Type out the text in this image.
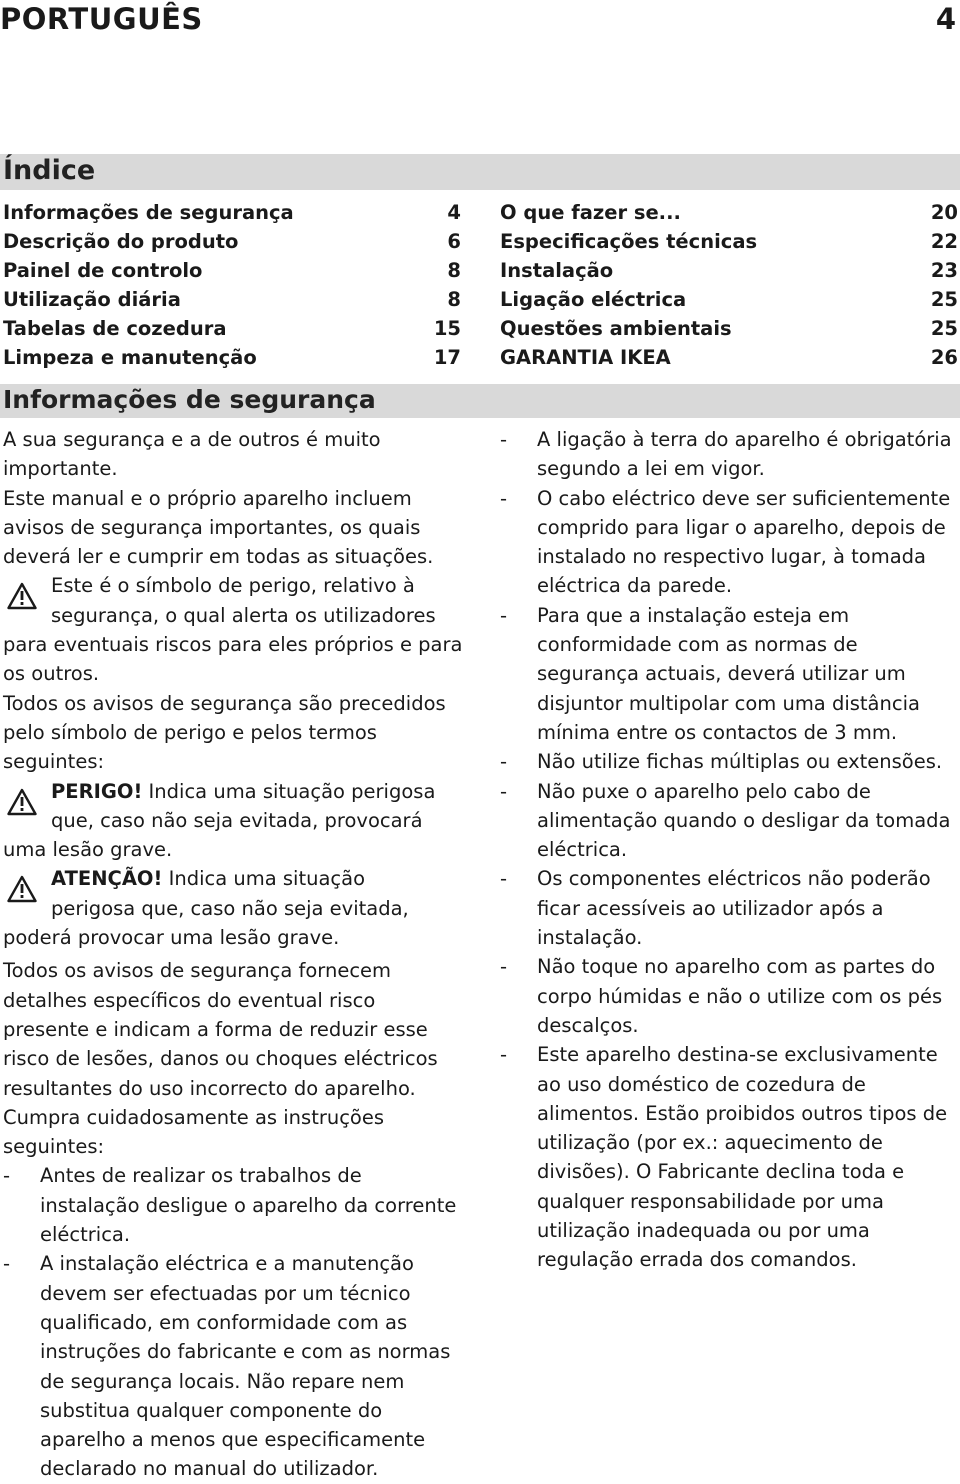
PORTUGUÊS	4
Índice
Informações de segurança	4
Descrição do produto	6
Painel de controlo	8
Utilização diária	8
Tabelas de cozedura	15
Limpeza e manutenção	17
O que fazer se...	20
Especificações técnicas	22
Instalação	23
Ligação eléctrica	25
Questões ambientais	25
GARANTIA IKEA	26
Informações de segurança

A sua segurança e a de outros é muito importante.

Este manual e o próprio aparelho incluem avisos de segurança importantes, os quais deverá ler e cumprir em todas as situações.

Este é o símbolo de perigo, relativo à
segurança, o qual alerta os utilizadores
para eventuais riscos para eles próprios e para os outros.

Todos os avisos de segurança são precedidos pelo símbolo de perigo e pelos termos seguintes:

PERIGO! Indica uma situação perigosa
que, caso não seja evitada, provocará
uma lesão grave.
ATENÇÃO! Indica uma situação
perigosa que, caso não seja evitada,
poderá provocar uma lesão grave.

Todos os avisos de segurança fornecem detalhes específicos do eventual risco presente e indicam a forma de reduzir esse risco de lesões, danos ou choques eléctricos resultantes do uso incorrecto do aparelho.

Cumpra cuidadosamente as instruções seguintes:

-	Antes de realizar os trabalhos de instalação desligue o aparelho da corrente eléctrica.
-	A instalação eléctrica e a manutenção devem ser efectuadas por um técnico qualificado, em conformidade com as instruções do fabricante e com as normas de segurança locais. Não repare nem substitua qualquer componente do aparelho a menos que especificamente declarado no manual do utilizador.
-	A ligação à terra do aparelho é obrigatória segundo a lei em vigor.
-	O cabo eléctrico deve ser suficientemente comprido para ligar o aparelho, depois de instalado no respectivo lugar, à tomada eléctrica da parede.
-	Para que a instalação esteja em conformidade com as normas de segurança actuais, deverá utilizar um disjuntor multipolar com uma distância mínima entre os contactos de 3 mm.
-	Não utilize fichas múltiplas ou extensões.
-	Não puxe o aparelho pelo cabo de alimentação quando o desligar da tomada eléctrica.
-	Os componentes eléctricos não poderão ficar acessíveis ao utilizador após a instalação.
-	Não toque no aparelho com as partes do corpo húmidas e não o utilize com os pés descalços.
-	Este aparelho destina-se exclusivamente ao uso doméstico de cozedura de alimentos. Estão proibidos outros tipos de utilização (por ex.: aquecimento de divisões). O Fabricante declina toda e qualquer responsabilidade por uma utilização inadequada ou por uma regulação errada dos comandos.
